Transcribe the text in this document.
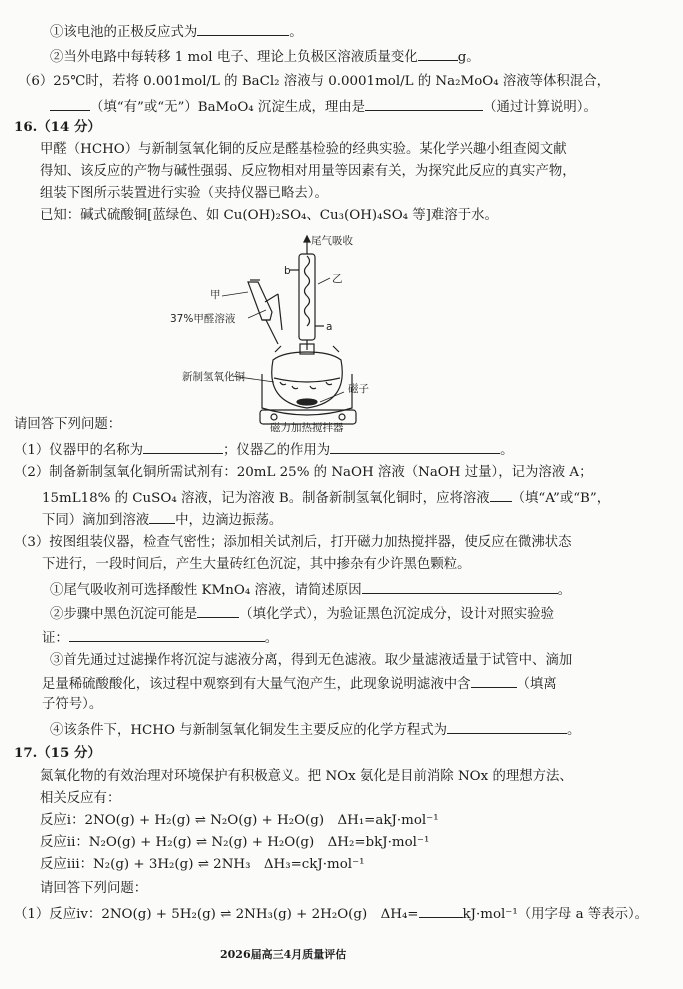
①该电池的正极反应式为	。
②当外电路中每转移 1 mol 电子、理论上负极区溶液质量变化	g。
（6）25℃时，若将 0.001mol/L 的 BaCl₂ 溶液与 0.0001mol/L 的 Na₂MoO₄ 溶液等体积混合，
（填“有”或“无”）BaMoO₄ 沉淀生成，理由是	（通过计算说明）。
16.（14 分）
甲醛（HCHO）与新制氢氧化铜的反应是醛基检验的经典实验。某化学兴趣小组查阅文献
得知、该反应的产物与碱性强弱、反应物相对用量等因素有关，为探究此反应的真实产物，
组装下图所示装置进行实验（夹持仪器已略去）。
已知：碱式硫酸铜[蓝绿色、如 Cu(OH)₂SO₄、Cu₃(OH)₄SO₄ 等]难溶于水。
尾气吸收
b
乙
甲
a
37%甲醛溶液
新制氢氧化铜
磁子
磁力加热搅拌器
请回答下列问题：
（1）仪器甲的名称为	；仪器乙的作用为	。
（2）制备新制氢氧化铜所需试剂有：20mL 25% 的 NaOH 溶液（NaOH 过量），记为溶液 A；
15mL18% 的 CuSO₄ 溶液，记为溶液 B。制备新制氢氧化铜时，应将溶液 （填“A”或“B”，
下同）滴加到溶液 中，边滴边振荡。
（3）按图组装仪器，检查气密性；添加相关试剂后，打开磁力加热搅拌器，使反应在微沸状态
下进行，一段时间后，产生大量砖红色沉淀，其中掺杂有少许黑色颗粒。
①尾气吸收剂可选择酸性 KMnO₄ 溶液，请简述原因	。
②步骤中黑色沉淀可能是	（填化学式），为验证黑色沉淀成分，设计对照实验验
证：	。
③首先通过过滤操作将沉淀与滤液分离，得到无色滤液。取少量滤液适量于试管中、滴加
足量稀硫酸酸化，该过程中观察到有大量气泡产生，此现象说明滤液中含	（填离
子符号）。
④该条件下，HCHO 与新制氢氧化铜发生主要反应的化学方程式为	。
17.（15 分）
氮氧化物的有效治理对环境保护有积极意义。把 NOx 氨化是目前消除 NOx 的理想方法、
相关反应有：
反应i：2NO(g) + H₂(g) ⇌ N₂O(g) + H₂O(g)　ΔH₁=akJ·mol⁻¹
反应ii：N₂O(g) + H₂(g) ⇌ N₂(g) + H₂O(g)　ΔH₂=bkJ·mol⁻¹
反应iii：N₂(g) + 3H₂(g) ⇌ 2NH₃　ΔH₃=ckJ·mol⁻¹
请回答下列问题：
（1）反应iv：2NO(g) + 5H₂(g) ⇌ 2NH₃(g) + 2H₂O(g)　ΔH₄=	kJ·mol⁻¹（用字母 a 等表示）。
2026届高三4月质量评估
